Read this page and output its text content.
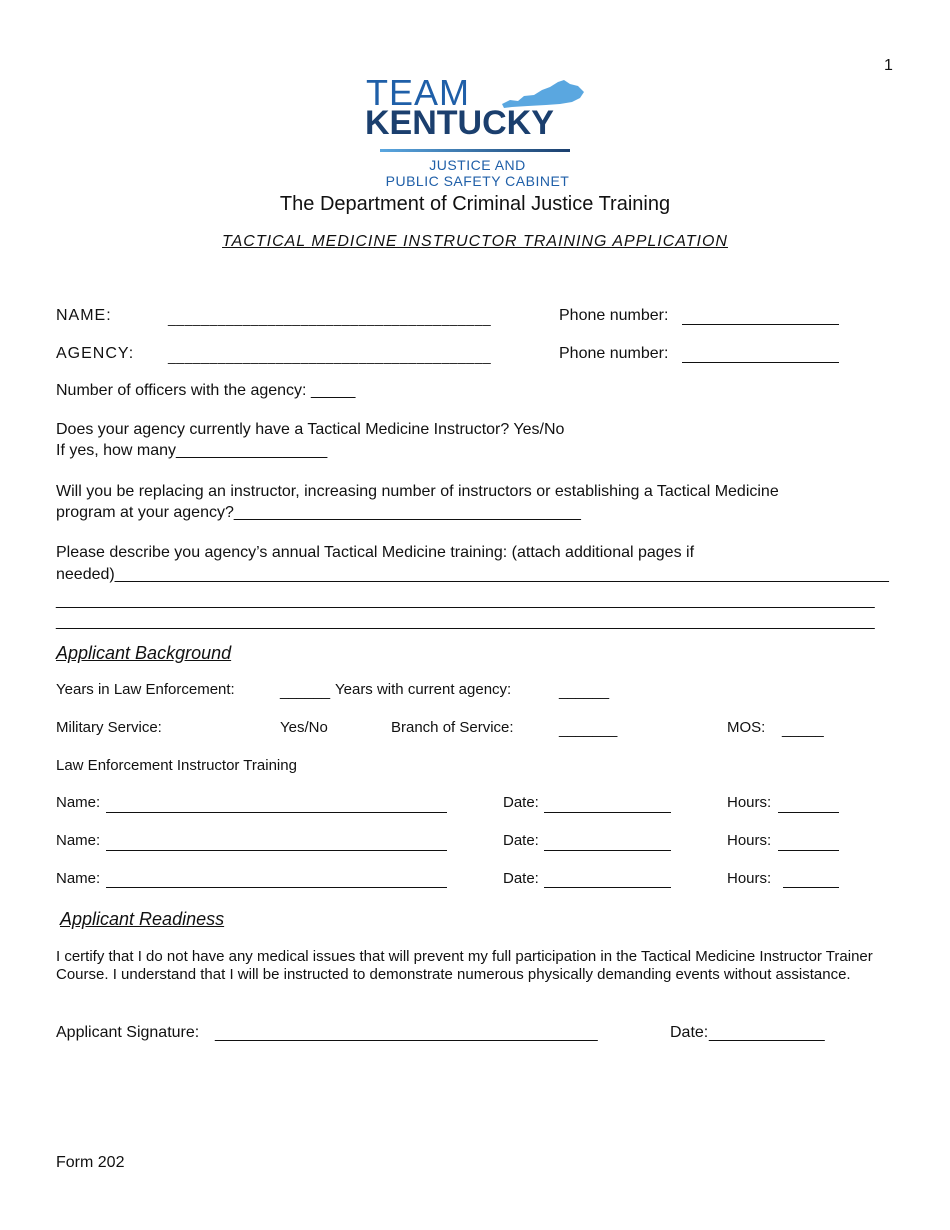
1
TEAM
KENTUCKY
JUSTICE AND
PUBLIC SAFETY CABINET
The Department of Criminal Justice Training
TACTICAL MEDICINE INSTRUCTOR TRAINING APPLICATION
NAME:	_______________________________________	Phone number:
AGENCY: _______________________________________	Phone number:
Number of officers with the agency: _____
Does your agency currently have a Tactical Medicine Instructor? Yes/No
If yes, how many_________________
Will you be replacing an instructor, increasing number of instructors or establishing a Tactical Medicine
program at your agency?_______________________________________
Please describe you agency’s annual Tactical Medicine training: (attach additional pages if
needed)_______________________________________________________________________________________
____________________________________________________________________________________________
____________________________________________________________________________________________
Applicant Background
Years in Law Enforcement:	______ Years with current agency:	______
Military Service:	Yes/No	Branch of Service:	_______	MOS: _____
Law Enforcement Instructor Training
Name:	Date:	Hours:
Name:	Date:	Hours:
Name:	Date:	Hours:
Applicant Readiness
I certify that I do not have any medical issues that will prevent my full participation in the Tactical Medicine Instructor Trainer Course. I understand that I will be instructed to demonstrate numerous physically demanding events without assistance.
Applicant Signature: ___________________________________________	Date: _____________
Form 202
